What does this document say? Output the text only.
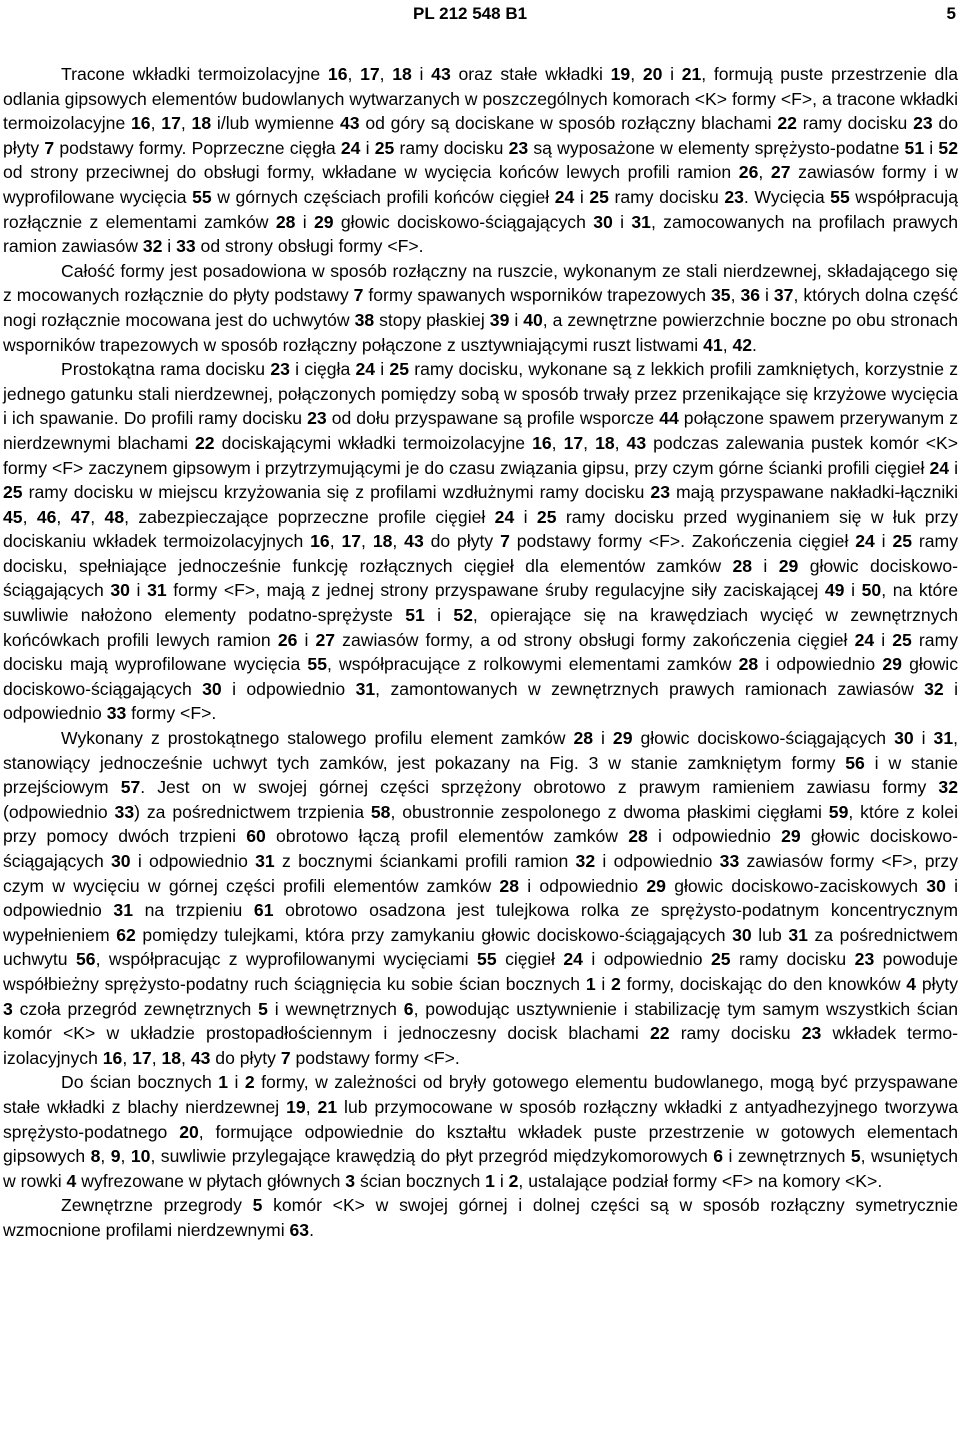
PL 212 548 B1	5

Tracone wkładki termoizolacyjne 16, 17, 18 i 43 oraz stałe wkładki 19, 20 i 21, formują puste przestrzenie dla odlania gipsowych elementów budowlanych wytwarzanych w poszczególnych komorach <K> formy <F>, a tracone wkładki termoizolacyjne 16, 17, 18 i/lub wymienne 43 od góry są dociskane w sposób rozłączny blachami 22 ramy docisku 23 do płyty 7 podstawy formy. Poprzeczne cięgła 24 i 25 ramy docisku 23 są wyposażone w elementy sprężysto-podatne 51 i 52 od strony przeciwnej do obsługi formy, wkładane w wycięcia końców lewych profili ramion 26, 27 zawiasów formy i w wyprofilowane wycięcia 55 w górnych częściach profili końców cięgieł 24 i 25 ramy docisku 23. Wycięcia 55 współpracują rozłącznie z elementami zamków 28 i 29 głowic dociskowo-ściągających 30 i 31, zamocowanych na profilach prawych ramion zawiasów 32 i 33 od strony obsługi formy <F>.

Całość formy jest posadowiona w sposób rozłączny na ruszcie, wykonanym ze stali nierdzewnej, składającego się z mocowanych rozłącznie do płyty podstawy 7 formy spawanych wsporników trapezowych 35, 36 i 37, których dolna część nogi rozłącznie mocowana jest do uchwytów 38 stopy płaskiej 39 i 40, a zewnętrzne powierzchnie boczne po obu stronach wsporników trapezowych w sposób rozłączny połączone z usztywniającymi ruszt listwami 41, 42.

Prostokątna rama docisku 23 i cięgła 24 i 25 ramy docisku, wykonane są z lekkich profili zamkniętych, korzystnie z jednego gatunku stali nierdzewnej, połączonych pomiędzy sobą w sposób trwały przez przenikające się krzyżowe wycięcia i ich spawanie. Do profili ramy docisku 23 od dołu przyspawane są profile wsporcze 44 połączone spawem przerywanym z nierdzewnymi blachami 22 dociskającymi wkładki termoizolacyjne 16, 17, 18, 43 podczas zalewania pustek komór <K> formy <F> zaczynem gipsowym i przytrzymującymi je do czasu związania gipsu, przy czym górne ścianki profili cięgieł 24 i 25 ramy docisku w miejscu krzyżowania się z profilami wzdłużnymi ramy docisku 23 mają przyspawane nakładki-łączniki 45, 46, 47, 48, zabezpieczające poprzeczne profile cięgieł 24 i 25 ramy docisku przed wyginaniem się w łuk przy dociskaniu wkładek termoizolacyjnych 16, 17, 18, 43 do płyty 7 podstawy formy <F>. Zakończenia cięgieł 24 i 25 ramy docisku, spełniające jednocześnie funkcję rozłącznych cięgieł dla elementów zamków 28 i 29 głowic dociskowo-ściągających 30 i 31 formy <F>, mają z jednej strony przyspawane śruby regulacyjne siły zaciskającej 49 i 50, na które suwliwie nałożono elementy podatno-sprężyste 51 i 52, opierające się na krawędziach wycięć w zewnętrznych końcówkach profili lewych ramion 26 i 27 zawiasów formy, a od strony obsługi formy zakończenia cięgieł 24 i 25 ramy docisku mają wyprofilowane wycięcia 55, współpracujące z rolkowymi elementami zamków 28 i odpowiednio 29 głowic dociskowo-ściągających 30 i odpowiednio 31, zamontowanych w zewnętrznych prawych ramionach zawiasów 32 i odpowiednio 33 formy <F>.

Wykonany z prostokątnego stalowego profilu element zamków 28 i 29 głowic dociskowo-ściągających 30 i 31, stanowiący jednocześnie uchwyt tych zamków, jest pokazany na Fig. 3 w stanie zamkniętym formy 56 i w stanie przejściowym 57. Jest on w swojej górnej części sprzężony obrotowo z prawym ramieniem zawiasu formy 32 (odpowiednio 33) za pośrednictwem trzpienia 58, obustronnie zespolonego z dwoma płaskimi cięgłami 59, które z kolei przy pomocy dwóch trzpieni 60 obrotowo łączą profil elementów zamków 28 i odpowiednio 29 głowic dociskowo-ściągających 30 i odpowiednio 31 z bocznymi ściankami profili ramion 32 i odpowiednio 33 zawiasów formy <F>, przy czym w wycięciu w górnej części profili elementów zamków 28 i odpowiednio 29 głowic dociskowo-zaciskowych 30 i odpowiednio 31 na trzpieniu 61 obrotowo osadzona jest tulejkowa rolka ze sprężysto-podatnym koncentrycznym wypełnieniem 62 pomiędzy tulejkami, która przy zamykaniu głowic dociskowo-ściągających 30 lub 31 za pośrednictwem uchwytu 56, współpracując z wyprofilowanymi wycięciami 55 cięgieł 24 i odpowiednio 25 ramy docisku 23 powoduje współbieżny sprężysto-podatny ruch ściągnięcia ku sobie ścian bocznych 1 i 2 formy, dociskając do den knowków 4 płyty 3 czoła przegród zewnętrznych 5 i wewnętrznych 6, powodując usztywnienie i stabilizację tym samym wszystkich ścian komór <K> w układzie prostopadłościennym i jednoczesny docisk blachami 22 ramy docisku 23 wkładek termoizolacyjnych 16, 17, 18, 43 do płyty 7 podstawy formy <F>.

Do ścian bocznych 1 i 2 formy, w zależności od bryły gotowego elementu budowlanego, mogą być przyspawane stałe wkładki z blachy nierdzewnej 19, 21 lub przymocowane w sposób rozłączny wkładki z antyadhezyjnego tworzywa sprężysto-podatnego 20, formujące odpowiednie do kształtu wkładek puste przestrzenie w gotowych elementach gipsowych 8, 9, 10, suwliwie przylegające krawędzią do płyt przegród międzykomorowych 6 i zewnętrznych 5, wsuniętych w rowki 4 wyfrezowane w płytach głównych 3 ścian bocznych 1 i 2, ustalające podział formy <F> na komory <K>.

Zewnętrzne przegrody 5 komór <K> w swojej górnej i dolnej części są w sposób rozłączny symetrycznie wzmocnione profilami nierdzewnymi 63.
